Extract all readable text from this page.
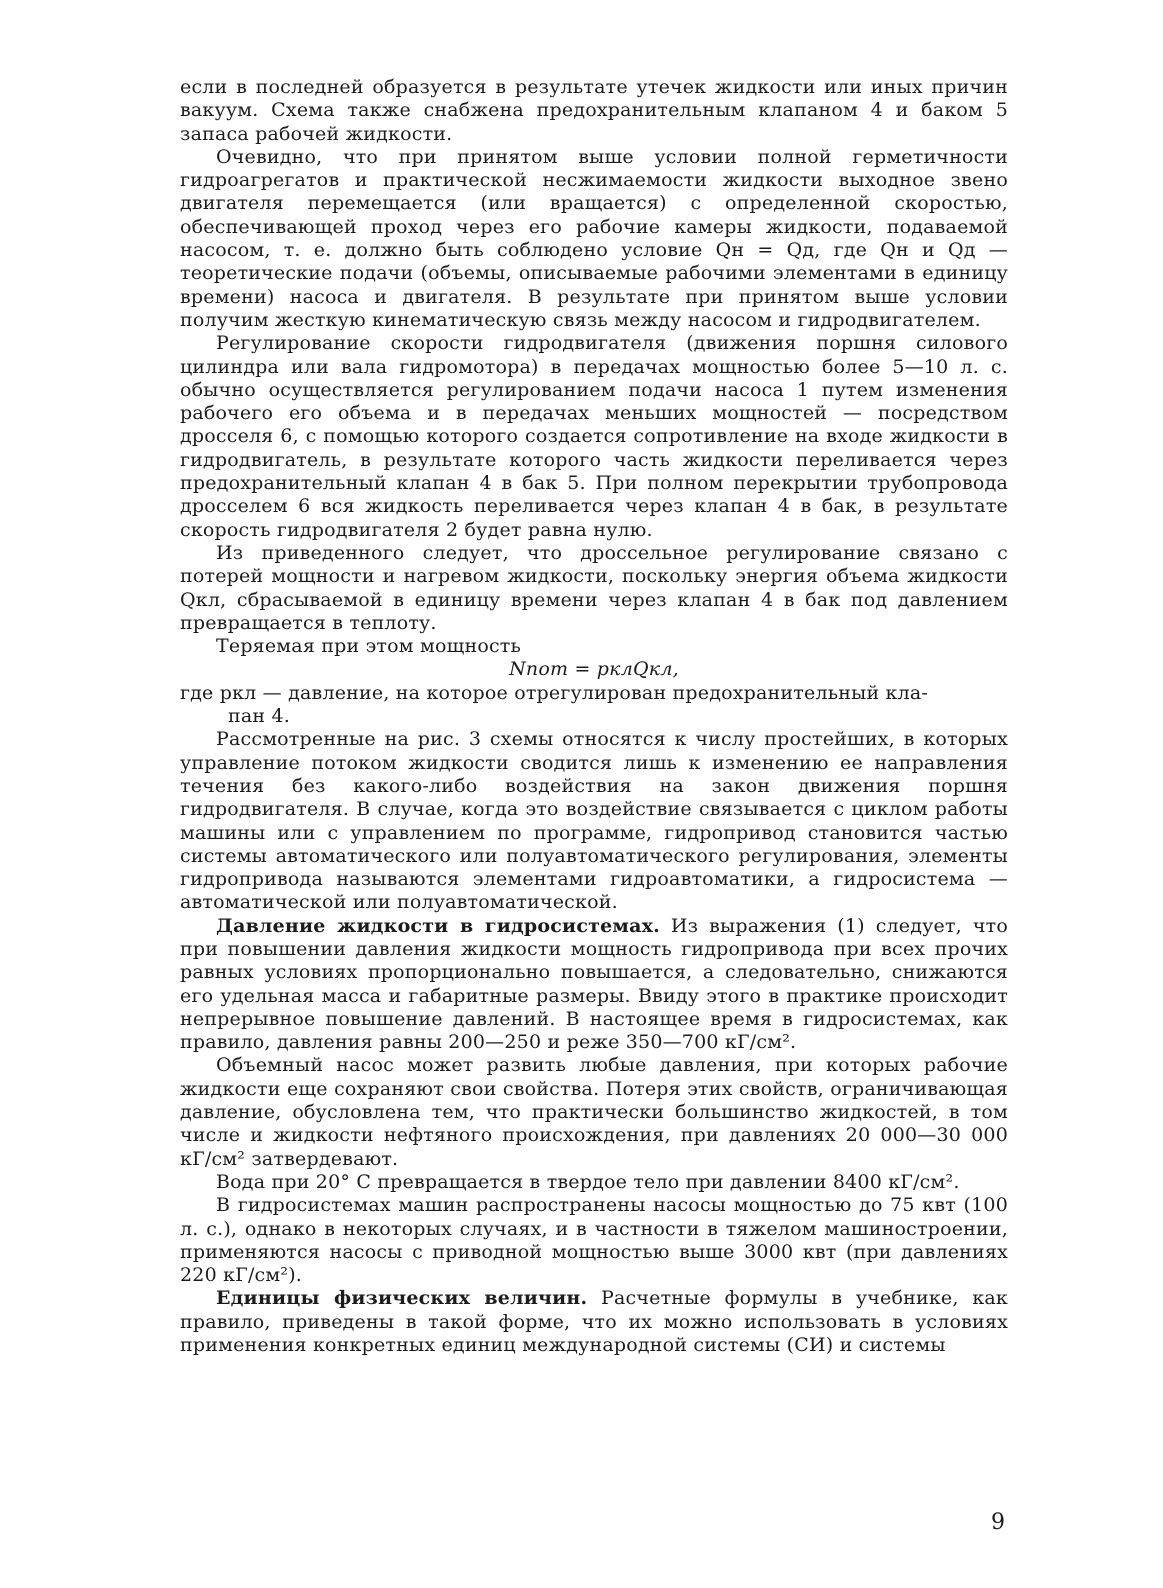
если в последней образуется в результате утечек жидкости или иных причин вакуум. Схема также снабжена предохранительным клапаном 4 и баком 5 запаса рабочей жидкости.

Очевидно, что при принятом выше условии полной герметичности гидроагрегатов и практической несжимаемости жидкости выходное звено двигателя перемещается (или вращается) с определенной скоростью, обеспечивающей проход через его рабочие камеры жидкости, подаваемой насосом, т. е. должно быть соблюдено условие Qн = Qд, где Qн и Qд — теоретические подачи (объемы, описываемые рабочими элементами в единицу времени) насоса и двигателя. В результате при принятом выше условии получим жесткую кинематическую связь между насосом и гидродвигателем.

Регулирование скорости гидродвигателя (движения поршня силового цилиндра или вала гидромотора) в передачах мощностью более 5—10 л. с. обычно осуществляется регулированием подачи насоса 1 путем изменения рабочего его объема и в передачах меньших мощностей — посредством дросселя 6, с помощью которого создается сопротивление на входе жидкости в гидродвигатель, в результате которого часть жидкости переливается через предохранительный клапан 4 в бак 5. При полном перекрытии трубопровода дросселем 6 вся жидкость переливается через клапан 4 в бак, в результате скорость гидродвигателя 2 будет равна нулю.

Из приведенного следует, что дроссельное регулирование связано с потерей мощности и нагревом жидкости, поскольку энергия объема жидкости Qкл, сбрасываемой в единицу времени через клапан 4 в бак под давлением превращается в теплоту.

Теряемая при этом мощность

Nпот = pклQкл,

где pкл — давление, на которое отрегулирован предохранительный кла-
пан 4.

Рассмотренные на рис. 3 схемы относятся к числу простейших, в которых управление потоком жидкости сводится лишь к изменению ее направления течения без какого-либо воздействия на закон движения поршня гидродвигателя. В случае, когда это воздействие связывается с циклом работы машины или с управлением по программе, гидропривод становится частью системы автоматического или полуавтоматического регулирования, элементы гидропривода называются элементами гидроавтоматики, а гидросистема — автоматической или полуавтоматической.

Давление жидкости в гидросистемах. Из выражения (1) следует, что при повышении давления жидкости мощность гидропривода при всех прочих равных условиях пропорционально повышается, а следовательно, снижаются его удельная масса и габаритные размеры. Ввиду этого в практике происходит непрерывное повышение давлений. В настоящее время в гидросистемах, как правило, давления равны 200—250 и реже 350—700 кГ/см².

Объемный насос может развить любые давления, при которых рабочие жидкости еще сохраняют свои свойства. Потеря этих свойств, ограничивающая давление, обусловлена тем, что практически большинство жидкостей, в том числе и жидкости нефтяного происхождения, при давлениях 20 000—30 000 кГ/см² затвердевают.

Вода при 20° С превращается в твердое тело при давлении 8400 кГ/см².

В гидросистемах машин распространены насосы мощностью до 75 квт (100 л. с.), однако в некоторых случаях, и в частности в тяжелом машиностроении, применяются насосы с приводной мощностью выше 3000 квт (при давлениях 220 кГ/см²).

Единицы физических величин. Расчетные формулы в учебнике, как правило, приведены в такой форме, что их можно использовать в условиях применения конкретных единиц международной системы (СИ) и системы

9
